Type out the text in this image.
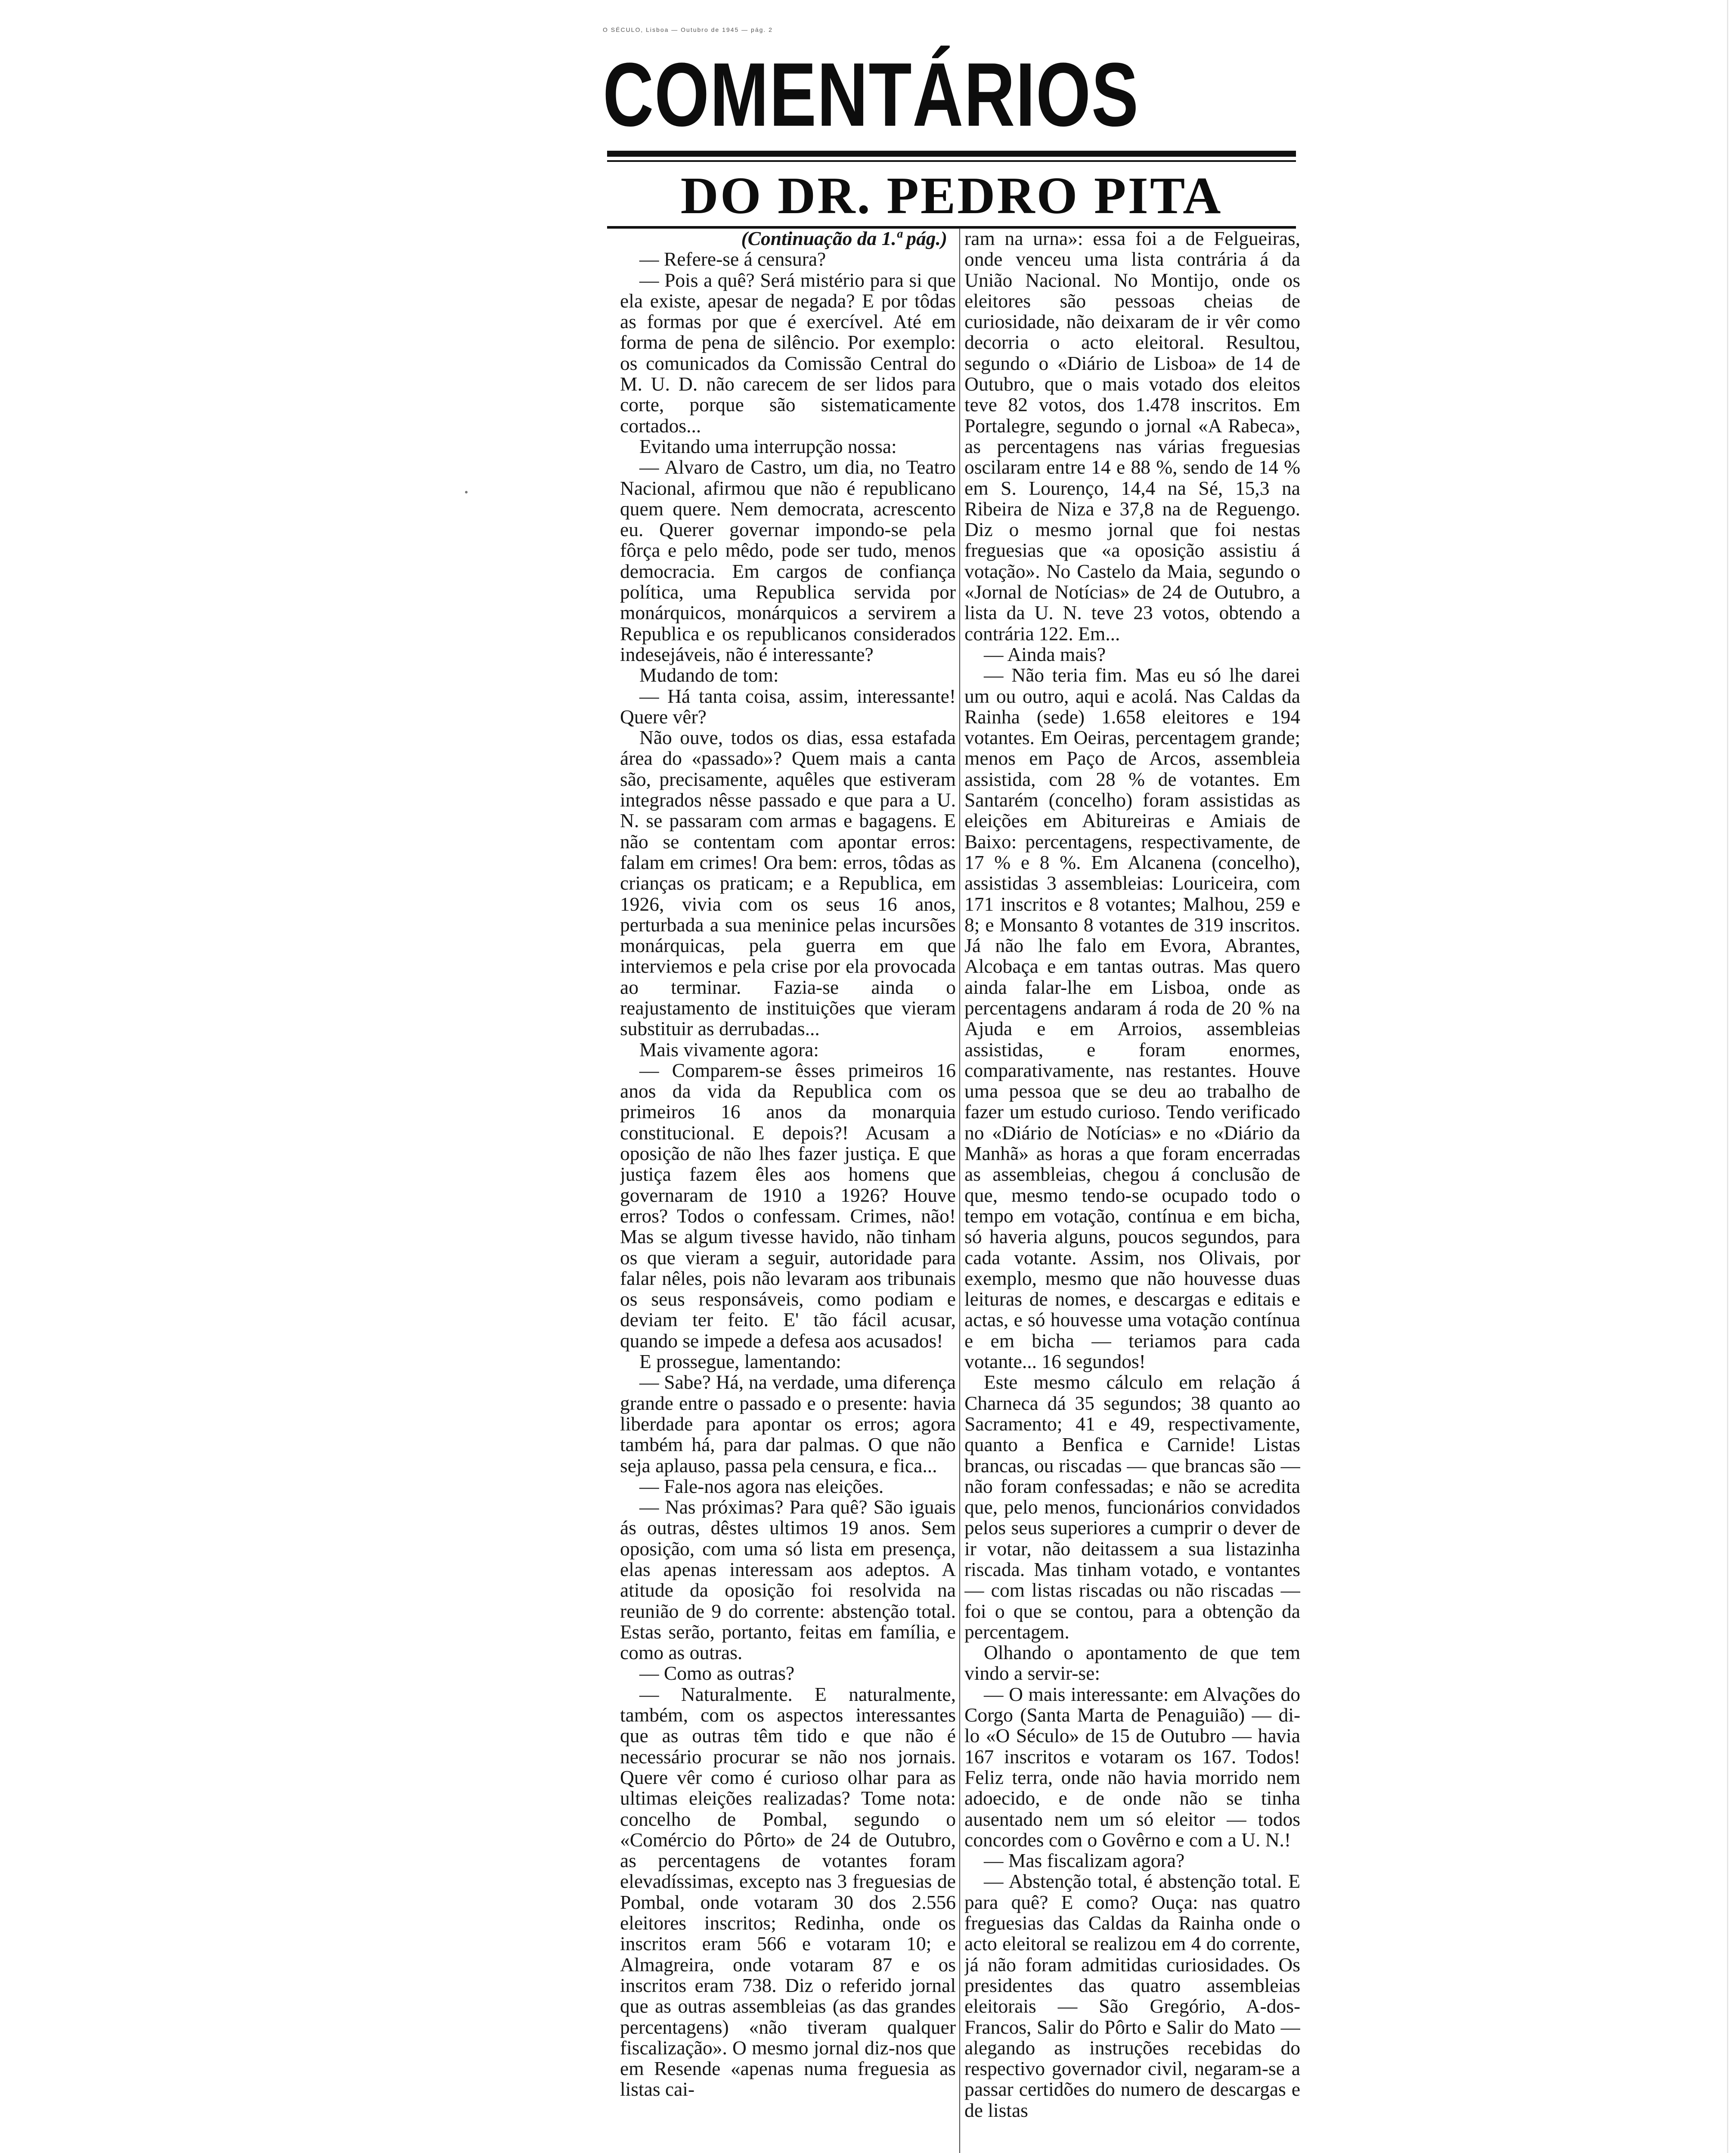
O SÉCULO, Lisboa — Outubro de 1945 — pág. 2
COMENTÁRIOS
DO DR. PEDRO PITA

(Continuação da 1.ª pág.)

— Refere-se á censura?

— Pois a quê? Será mistério para si que ela existe, apesar de negada? E por tôdas as formas por que é exercível. Até em forma de pena de silêncio. Por exemplo: os comunicados da Comissão Central do M. U. D. não carecem de ser lidos para corte, porque são sistematicamente cortados...

Evitando uma interrupção nossa:

— Alvaro de Castro, um dia, no Teatro Nacional, afirmou que não é republicano quem quere. Nem democrata, acrescento eu. Querer governar impondo-se pela fôrça e pelo mêdo, pode ser tudo, menos democracia. Em cargos de confiança política, uma Republica servida por monárquicos, monárquicos a servirem a Republica e os republicanos considerados indesejáveis, não é interessante?

Mudando de tom:

— Há tanta coisa, assim, interessante! Quere vêr?

Não ouve, todos os dias, essa estafada área do «passado»? Quem mais a canta são, precisamente, aquêles que estiveram integrados nêsse passado e que para a U. N. se passaram com armas e bagagens. E não se contentam com apontar erros: falam em crimes! Ora bem: erros, tôdas as crianças os praticam; e a Republica, em 1926, vivia com os seus 16 anos, perturbada a sua meninice pelas incursões monárquicas, pela guerra em que interviemos e pela crise por ela provocada ao terminar. Fazia-se ainda o reajustamento de instituições que vieram substituir as derrubadas...

Mais vivamente agora:

— Comparem-se êsses primeiros 16 anos da vida da Republica com os primeiros 16 anos da monarquia constitucional. E depois?! Acusam a oposição de não lhes fazer justiça. E que justiça fazem êles aos homens que governaram de 1910 a 1926? Houve erros? Todos o confessam. Crimes, não! Mas se algum tivesse havido, não tinham os que vieram a seguir, autoridade para falar nêles, pois não levaram aos tribunais os seus responsáveis, como podiam e deviam ter feito. E' tão fácil acusar, quando se impede a defesa aos acusados!

E prossegue, lamentando:

— Sabe? Há, na verdade, uma diferença grande entre o passado e o presente: havia liberdade para apontar os erros; agora também há, para dar palmas. O que não seja aplauso, passa pela censura, e fica...

— Fale-nos agora nas eleições.

— Nas próximas? Para quê? São iguais ás outras, dêstes ultimos 19 anos. Sem oposição, com uma só lista em presença, elas apenas interessam aos adeptos. A atitude da oposição foi resolvida na reunião de 9 do corrente: abstenção total. Estas serão, portanto, feitas em família, e como as outras.

— Como as outras?

— Naturalmente. E naturalmente, também, com os aspectos interessantes que as outras têm tido e que não é necessário procurar se não nos jornais. Quere vêr como é curioso olhar para as ultimas eleições realizadas? Tome nota: concelho de Pombal, segundo o «Comércio do Pôrto» de 24 de Outubro, as percentagens de votantes foram elevadíssimas, excepto nas 3 freguesias de Pombal, onde votaram 30 dos 2.556 eleitores inscritos; Redinha, onde os inscritos eram 566 e votaram 10; e Almagreira, onde votaram 87 e os inscritos eram 738. Diz o referido jornal que as outras assembleias (as das grandes percentagens) «não tiveram qualquer fiscalização». O mesmo jornal diz-nos que em Resende «apenas numa freguesia as listas cai-

ram na urna»: essa foi a de Felgueiras, onde venceu uma lista contrária á da União Nacional. No Montijo, onde os eleitores são pessoas cheias de curiosidade, não deixaram de ir vêr como decorria o acto eleitoral. Resultou, segundo o «Diário de Lisboa» de 14 de Outubro, que o mais votado dos eleitos teve 82 votos, dos 1.478 inscritos. Em Portalegre, segundo o jornal «A Rabeca», as percentagens nas várias freguesias oscilaram entre 14 e 88 %, sendo de 14 % em S. Lourenço, 14,4 na Sé, 15,3 na Ribeira de Niza e 37,8 na de Reguengo. Diz o mesmo jornal que foi nestas freguesias que «a oposição assistiu á votação». No Castelo da Maia, segundo o «Jornal de Notícias» de 24 de Outubro, a lista da U. N. teve 23 votos, obtendo a contrária 122. Em...

— Ainda mais?

— Não teria fim. Mas eu só lhe darei um ou outro, aqui e acolá. Nas Caldas da Rainha (sede) 1.658 eleitores e 194 votantes. Em Oeiras, percentagem grande; menos em Paço de Arcos, assembleia assistida, com 28 % de votantes. Em Santarém (concelho) foram assistidas as eleições em Abitureiras e Amiais de Baixo: percentagens, respectivamente, de 17 % e 8 %. Em Alcanena (concelho), assistidas 3 assembleias: Louriceira, com 171 inscritos e 8 votantes; Malhou, 259 e 8; e Monsanto 8 votantes de 319 inscritos. Já não lhe falo em Evora, Abrantes, Alcobaça e em tantas outras. Mas quero ainda falar-lhe em Lisboa, onde as percentagens andaram á roda de 20 % na Ajuda e em Arroios, assembleias assistidas, e foram enormes, comparativamente, nas restantes. Houve uma pessoa que se deu ao trabalho de fazer um estudo curioso. Tendo verificado no «Diário de Notícias» e no «Diário da Manhã» as horas a que foram encerradas as assembleias, chegou á conclusão de que, mesmo tendo-se ocupado todo o tempo em votação, contínua e em bicha, só haveria alguns, poucos segundos, para cada votante. Assim, nos Olivais, por exemplo, mesmo que não houvesse duas leituras de nomes, e descargas e editais e actas, e só houvesse uma votação contínua e em bicha — teriamos para cada votante... 16 segundos!

Este mesmo cálculo em relação á Charneca dá 35 segundos; 38 quanto ao Sacramento; 41 e 49, respectivamente, quanto a Benfica e Carnide! Listas brancas, ou riscadas — que brancas são — não foram confessadas; e não se acredita que, pelo menos, funcionários convidados pelos seus superiores a cumprir o dever de ir votar, não deitassem a sua listazinha riscada. Mas tinham votado, e vontantes — com listas riscadas ou não riscadas — foi o que se contou, para a obtenção da percentagem.

Olhando o apontamento de que tem vindo a servir-se:

— O mais interessante: em Alvações do Corgo (Santa Marta de Penaguião) — di-lo «O Século» de 15 de Outubro — havia 167 inscritos e votaram os 167. Todos! Feliz terra, onde não havia morrido nem adoecido, e de onde não se tinha ausentado nem um só eleitor — todos concordes com o Govêrno e com a U. N.!

— Mas fiscalizam agora?

— Abstenção total, é abstenção total. E para quê? E como? Ouça: nas quatro freguesias das Caldas da Rainha onde o acto eleitoral se realizou em 4 do corrente, já não foram admitidas curiosidades. Os presidentes das quatro assembleias eleitorais — São Gregório, A-dos-Francos, Salir do Pôrto e Salir do Mato — alegando as instruções recebidas do respectivo governador civil, negaram-se a passar certidões do numero de descargas e de listas
